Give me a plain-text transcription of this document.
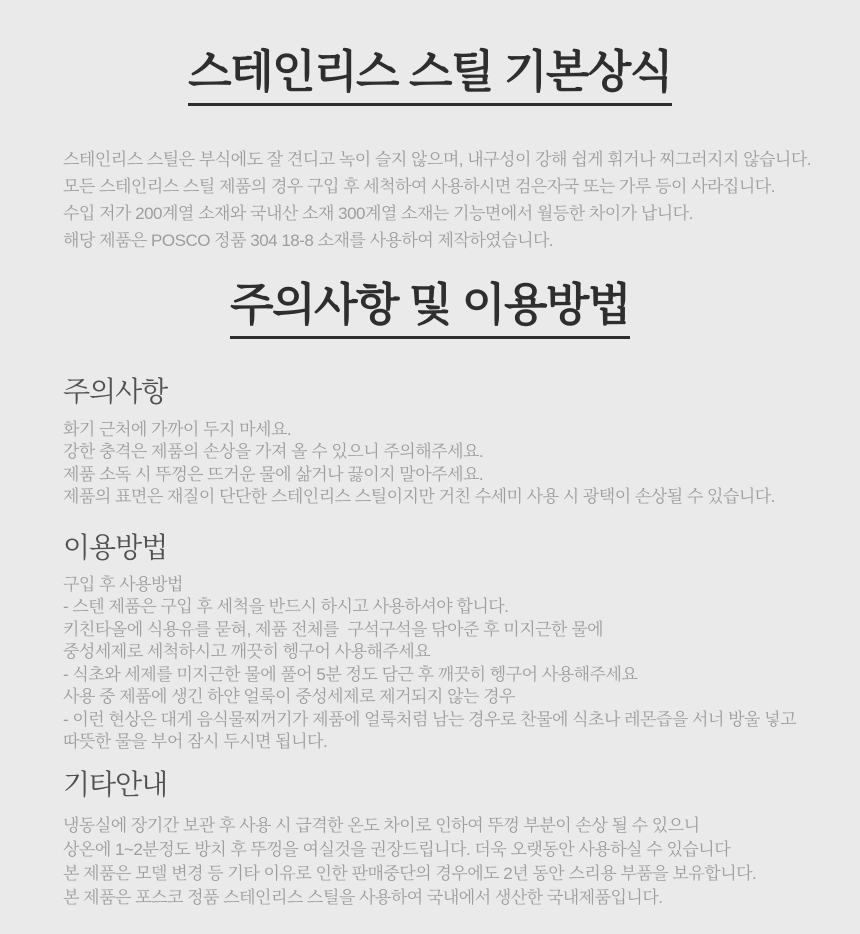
스테인리스 스틸 기본상식
스테인리스 스틸은 부식에도 잘 견디고 녹이 슬지 않으며, 내구성이 강해 쉽게 휘거나 찌그러지지 않습니다.
모든 스테인리스 스틸 제품의 경우 구입 후 세척하여 사용하시면 검은자국 또는 가루 등이 사라집니다.
수입 저가 200계열 소재와 국내산 소재 300계열 소재는 기능면에서 월등한 차이가 납니다.
해당 제품은 POSCO 정품 304 18-8 소재를 사용하여 제작하였습니다.
주의사항 및 이용방법
주의사항
화기 근처에 가까이 두지 마세요.
강한 충격은 제품의 손상을 가져 올 수 있으니 주의해주세요.
제품 소독 시 뚜껑은 뜨거운 물에 삶거나 끓이지 말아주세요.
제품의 표면은 재질이 단단한 스테인리스 스틸이지만 거친 수세미 사용 시 광택이 손상될 수 있습니다.
이용방법
구입 후 사용방법
- 스텐 제품은 구입 후 세척을 반드시 하시고 사용하셔야 합니다.
키친타올에 식용유를 묻혀, 제품 전체를  구석구석을 닦아준 후 미지근한 물에
중성세제로 세척하시고 깨끗히 헹구어 사용해주세요
- 식초와 세제를 미지근한 물에 풀어 5분 정도 담근 후 깨끗히 헹구어 사용해주세요
사용 중 제품에 생긴 하얀 얼룩이 중성세제로 제거되지 않는 경우
- 이런 현상은 대게 음식물찌꺼기가 제품에 얼룩처럼 남는 경우로 찬물에 식초나 레몬즙을 서너 방울 넣고
따뜻한 물을 부어 잠시 두시면 됩니다.
기타안내
냉동실에 장기간 보관 후 사용 시 급격한 온도 차이로 인하여 뚜껑 부분이 손상 될 수 있으니
상온에 1~2분정도 방치 후 뚜껑을 여실것을 권장드립니다. 더욱 오랫동안 사용하실 수 있습니다
본 제품은 모델 변경 등 기타 이유로 인한 판매중단의 경우에도 2년 동안 스리용 부품을 보유합니다.
본 제품은 포스코 정품 스테인리스 스틸을 사용하여 국내에서 생산한 국내제품입니다.
